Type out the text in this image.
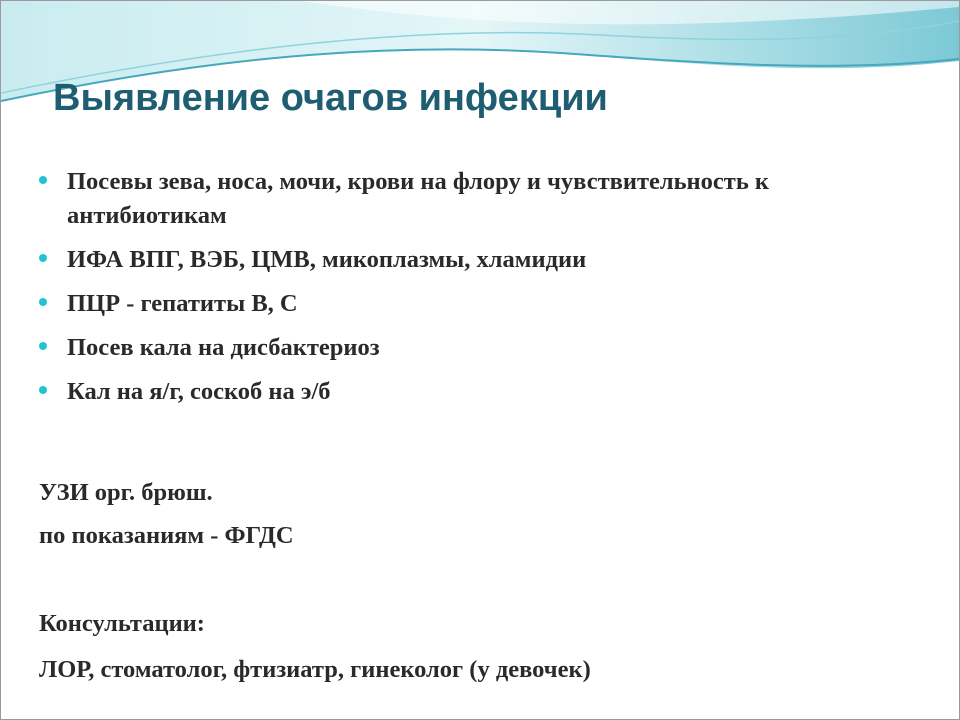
Выявление очагов инфекции
Посевы зева, носа, мочи, крови на флору и чувствительность к антибиотикам
ИФА ВПГ, ВЭБ, ЦМВ, микоплазмы, хламидии
ПЦР - гепатиты В, С
Посев кала на дисбактериоз
Кал на я/г, соскоб на э/б

УЗИ орг. брюш.

по показаниям - ФГДС

Консультации:

ЛОР, стоматолог, фтизиатр, гинеколог (у девочек)
